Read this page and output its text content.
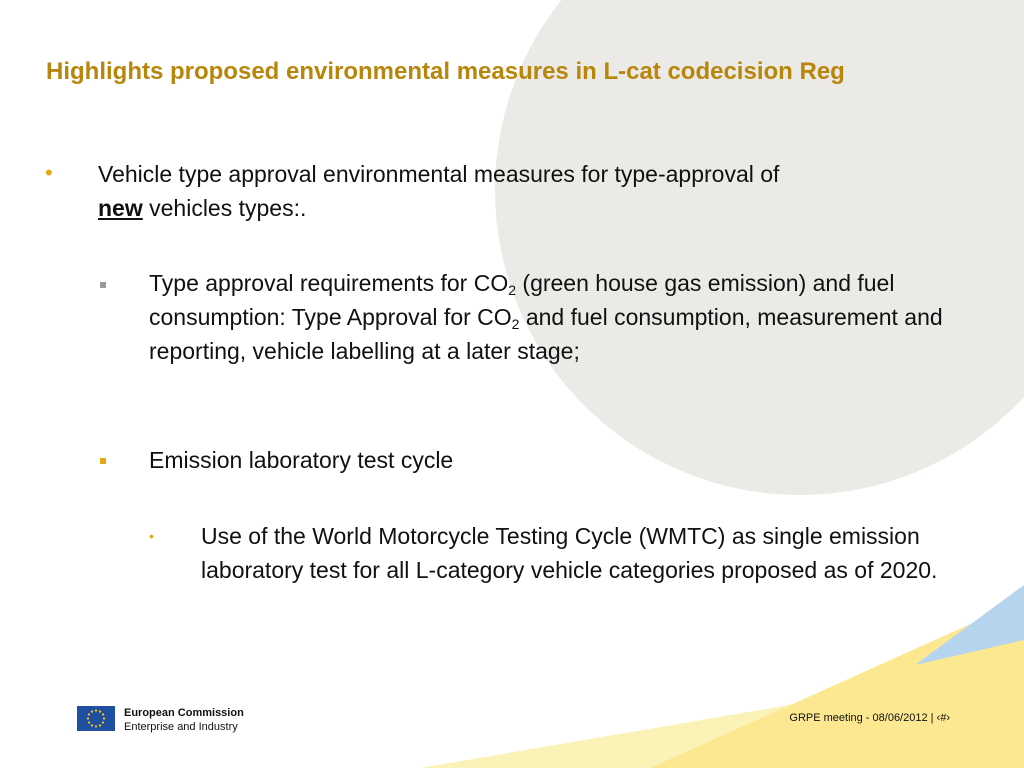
Highlights proposed environmental measures in L-cat codecision Reg
• Vehicle type approval environmental measures for type-approval of
new vehicles types:.

Type approval requirements for $CO_2$ (green house gas emission) and fuel consumption: Type Approval for $CO_2$ and fuel consumption, measurement and reporting, vehicle labelling at a later stage;

Emission laboratory test cycle

• Use of the World Motorcycle Testing Cycle (WMTC) as single emission laboratory test for all L-category vehicle categories proposed as of 2020.

European Commission
Enterprise and Industry
GRPE meeting - 08/06/2012 | ‹#›
